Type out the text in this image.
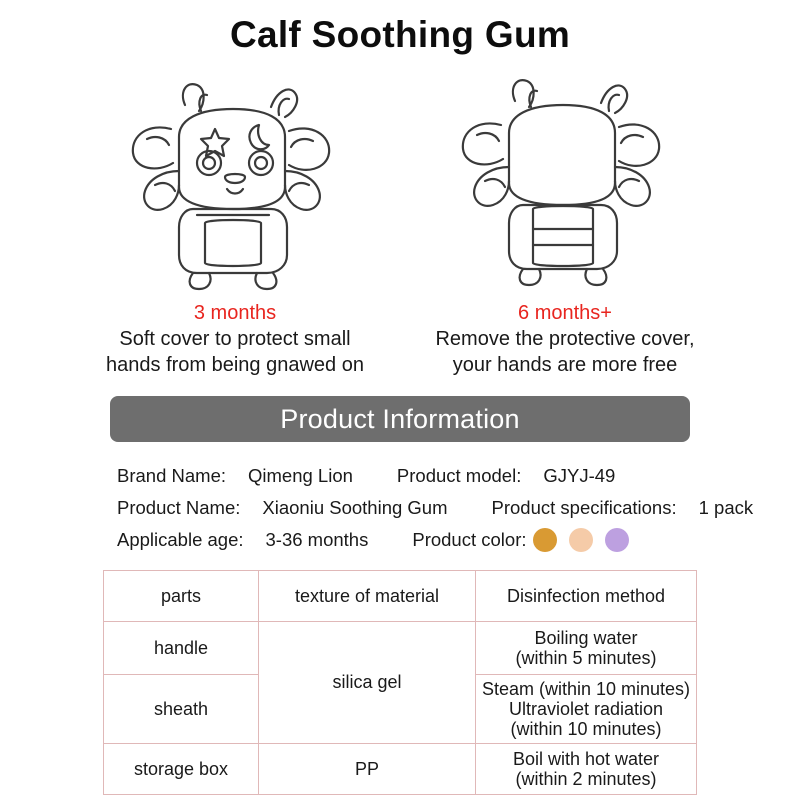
Calf Soothing Gum
3 months
Soft cover to protect small
hands from being gnawed on
6 months+
Remove the protective cover,
your hands are more free
Product Information
Brand Name: Qimeng Lion Product model: GJYJ-49
Product Name: Xiaoniu Soothing Gum Product specifications: 1 pack
Applicable age: 3-36 months Product color:
parts	texture of material	Disinfection method
handle	silica gel	Boiling water
(within 5 minutes)

sheath		Steam (within 10 minutes)
Ultraviolet radiation
(within 10 minutes)

storage box	PP	Boil with hot water
(within 2 minutes)
